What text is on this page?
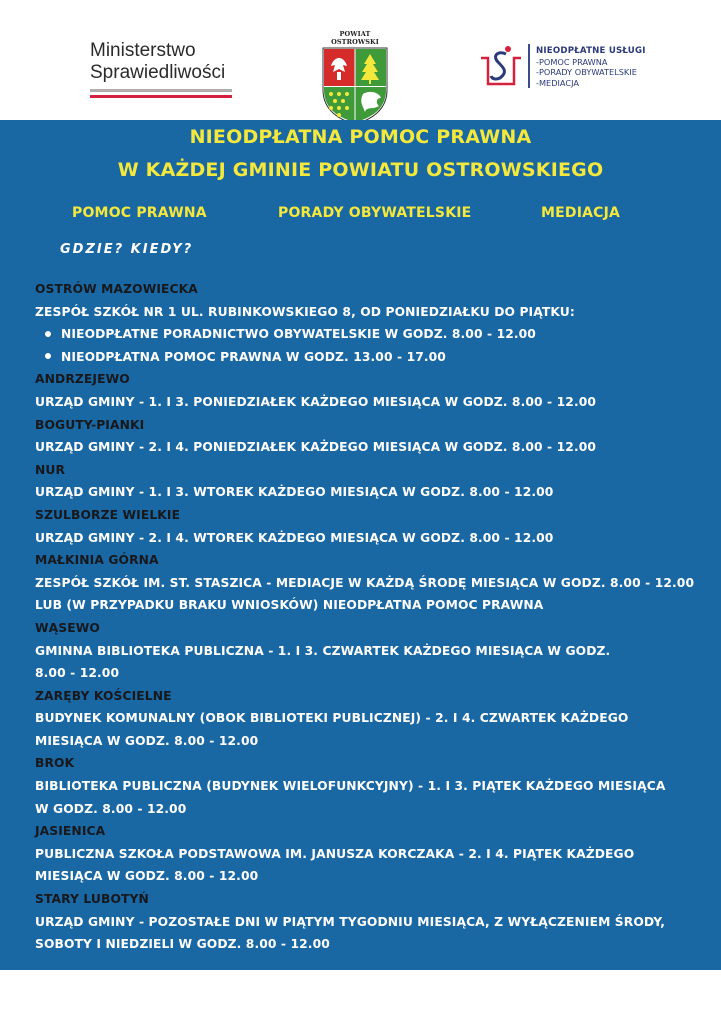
Ministerstwo
Sprawiedliwości
POWIAT OSTROWSKI
NIEODPŁATNE USŁUGI
-POMOC PRAWNA
-PORADY OBYWATELSKIE
-MEDIACJA
NIEODPŁATNA POMOC PRAWNA
W KAŻDEJ GMINIE POWIATU OSTROWSKIEGO
POMOC PRAWNA	PORADY OBYWATELSKIE	MEDIACJA
GDZIE? KIEDY?
OSTRÓW MAZOWIECKA
ZESPÓŁ SZKÓŁ NR 1 UL. RUBINKOWSKIEGO 8, OD PONIEDZIAŁKU DO PIĄTKU:
NIEODPŁATNE PORADNICTWO OBYWATELSKIE W GODZ. 8.00 - 12.00
NIEODPŁATNA POMOC PRAWNA W GODZ. 13.00 - 17.00
ANDRZEJEWO
URZĄD GMINY - 1. I 3. PONIEDZIAŁEK KAŻDEGO MIESIĄCA W GODZ. 8.00 - 12.00
BOGUTY-PIANKI
URZĄD GMINY - 2. I 4. PONIEDZIAŁEK KAŻDEGO MIESIĄCA W GODZ. 8.00 - 12.00
NUR
URZĄD GMINY - 1. I 3. WTOREK KAŻDEGO MIESIĄCA W GODZ. 8.00 - 12.00
SZULBORZE WIELKIE
URZĄD GMINY - 2. I 4. WTOREK KAŻDEGO MIESIĄCA W GODZ. 8.00 - 12.00
MAŁKINIA GÓRNA
ZESPÓŁ SZKÓŁ IM. ST. STASZICA - MEDIACJE W KAŻDĄ ŚRODĘ MIESIĄCA W GODZ. 8.00 - 12.00
LUB (W PRZYPADKU BRAKU WNIOSKÓW) NIEODPŁATNA POMOC PRAWNA
WĄSEWO
GMINNA BIBLIOTEKA PUBLICZNA - 1. I 3. CZWARTEK KAŻDEGO MIESIĄCA W GODZ.
8.00 - 12.00
ZARĘBY KOŚCIELNE
BUDYNEK KOMUNALNY (OBOK BIBLIOTEKI PUBLICZNEJ) - 2. I 4. CZWARTEK KAŻDEGO
MIESIĄCA W GODZ. 8.00 - 12.00
BROK
BIBLIOTEKA PUBLICZNA (BUDYNEK WIELOFUNKCYJNY) - 1. I 3. PIĄTEK KAŻDEGO MIESIĄCA
W GODZ. 8.00 - 12.00
JASIENICA
PUBLICZNA SZKOŁA PODSTAWOWA IM. JANUSZA KORCZAKA - 2. I 4. PIĄTEK KAŻDEGO
MIESIĄCA W GODZ. 8.00 - 12.00
STARY LUBOTYŃ
URZĄD GMINY - POZOSTAŁE DNI W PIĄTYM TYGODNIU MIESIĄCA, Z WYŁĄCZENIEM ŚRODY,
SOBOTY I NIEDZIELI W GODZ. 8.00 - 12.00
